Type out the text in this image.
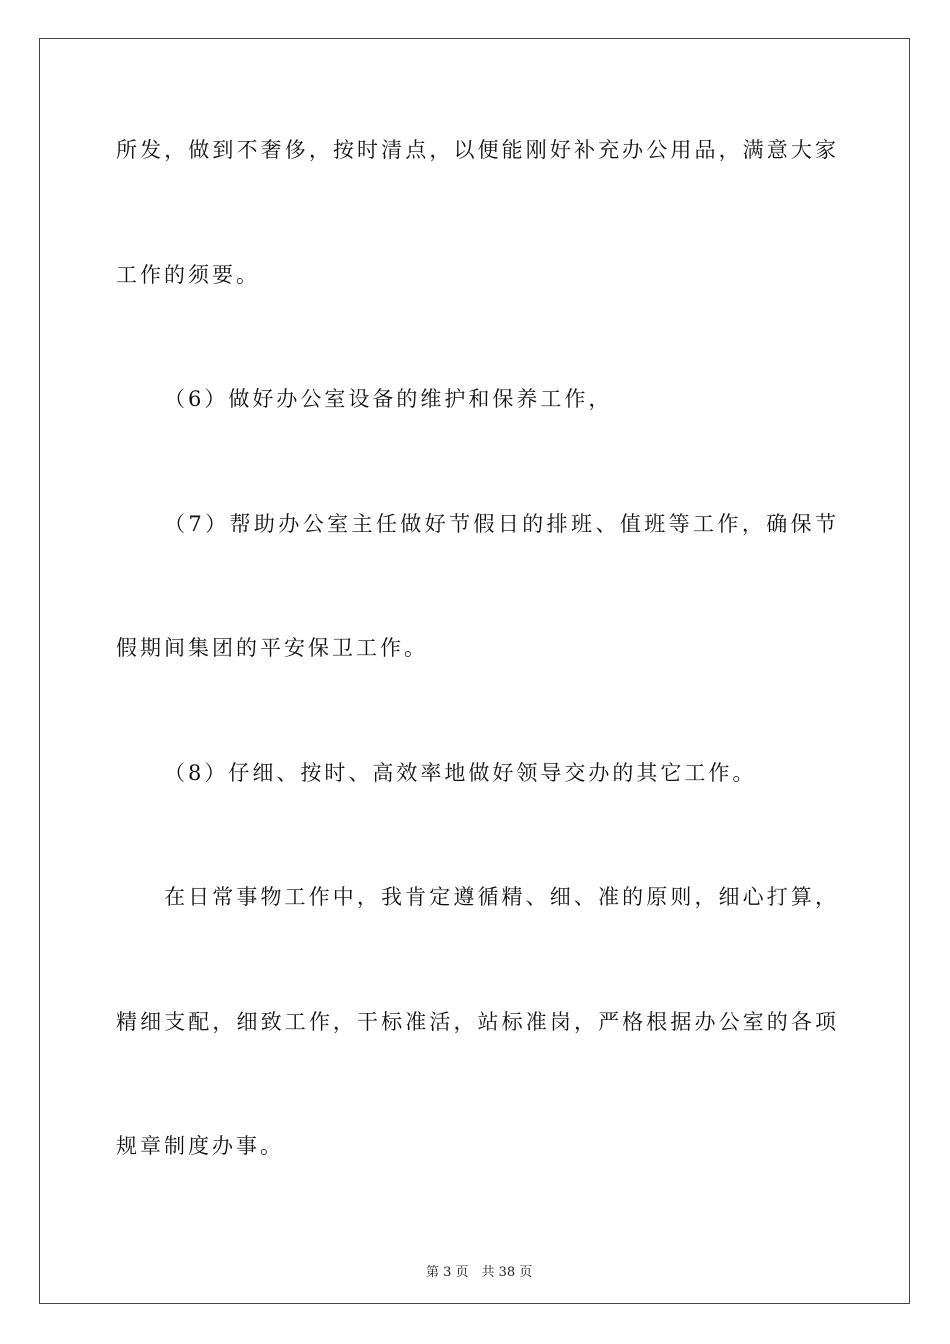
所发，做到不奢侈，按时清点，以便能刚好补充办公用品，满意大家
工作的须要。
（6）做好办公室设备的维护和保养工作，
（7）帮助办公室主任做好节假日的排班、值班等工作，确保节
假期间集团的平安保卫工作。
（8）仔细、按时、高效率地做好领导交办的其它工作。
在日常事物工作中，我肯定遵循精、细、准的原则，细心打算，
精细支配，细致工作，干标准活，站标准岗，严格根据办公室的各项
规章制度办事。

第 3 页　共 38 页
